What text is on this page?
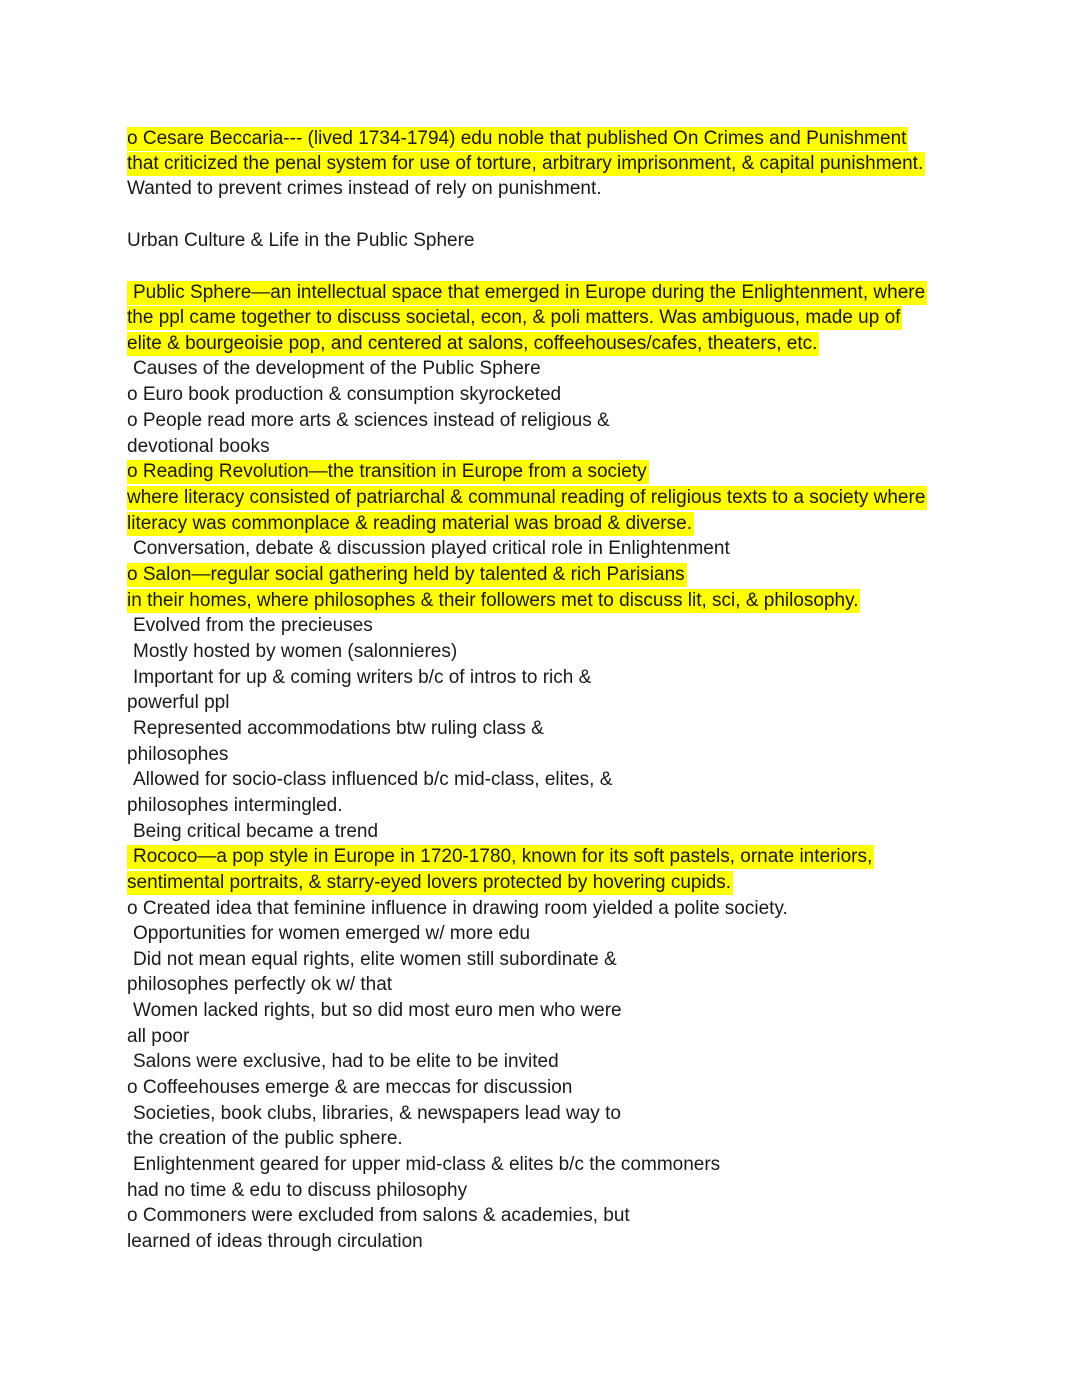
o Cesare Beccaria--- (lived 1734-1794) edu noble that published On Crimes and Punishment
that criticized the penal system for use of torture, arbitrary imprisonment, & capital punishment.
Wanted to prevent crimes instead of rely on punishment.
Urban Culture & Life in the Public Sphere
Public Sphere—an intellectual space that emerged in Europe during the Enlightenment, where
the ppl came together to discuss societal, econ, & poli matters. Was ambiguous, made up of
elite & bourgeoisie pop, and centered at salons, coffeehouses/cafes, theaters, etc.
Causes of the development of the Public Sphere
o Euro book production & consumption skyrocketed
o People read more arts & sciences instead of religious &
devotional books
o Reading Revolution—the transition in Europe from a society
where literacy consisted of patriarchal & communal reading of religious texts to a society where
literacy was commonplace & reading material was broad & diverse.
Conversation, debate & discussion played critical role in Enlightenment
o Salon—regular social gathering held by talented & rich Parisians
in their homes, where philosophes & their followers met to discuss lit, sci, & philosophy.
Evolved from the precieuses
Mostly hosted by women (salonnieres)
Important for up & coming writers b/c of intros to rich &
powerful ppl
Represented accommodations btw ruling class &
philosophes
Allowed for socio-class influenced b/c mid-class, elites, &
philosophes intermingled.
Being critical became a trend
Rococo—a pop style in Europe in 1720-1780, known for its soft pastels, ornate interiors,
sentimental portraits, & starry-eyed lovers protected by hovering cupids.
o Created idea that feminine influence in drawing room yielded a polite society.
Opportunities for women emerged w/ more edu
Did not mean equal rights, elite women still subordinate &
philosophes perfectly ok w/ that
Women lacked rights, but so did most euro men who were
all poor
Salons were exclusive, had to be elite to be invited
o Coffeehouses emerge & are meccas for discussion
Societies, book clubs, libraries, & newspapers lead way to
the creation of the public sphere.
Enlightenment geared for upper mid-class & elites b/c the commoners
had no time & edu to discuss philosophy
o Commoners were excluded from salons & academies, but
learned of ideas through circulation
